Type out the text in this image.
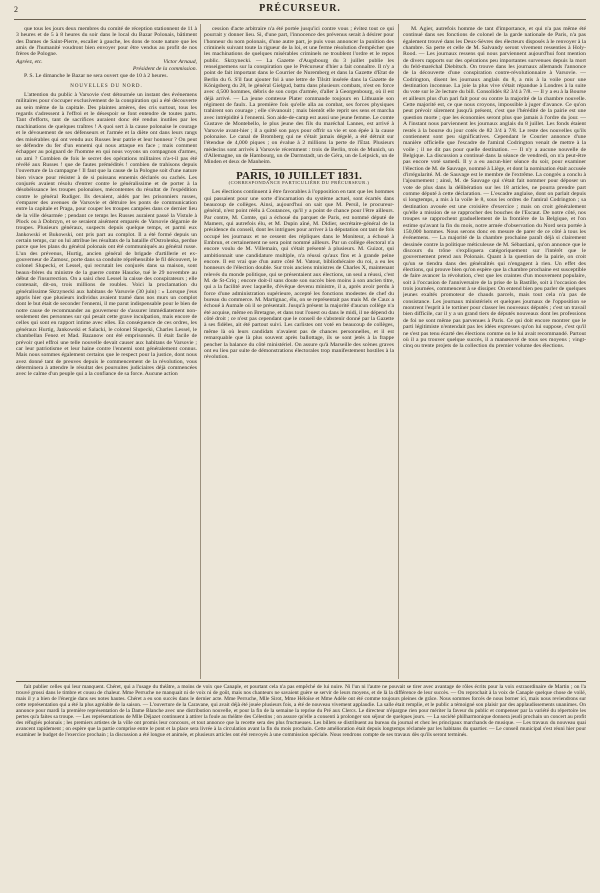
2	PRÉCURSEUR.

que tous les jours deux membres du comité de réception stationnent de 11 à 3 heures et de 5 à 8 heures du soir dans le local du Bazar Polonais, bâtiment des Dames de Saint-Pierre, escalier à gauche, les dons de toute nature que les amis de l'humanité voudront bien envoyer pour être vendus au profit de nos frères de Pologne.

Agréez, etc.	Victor Arnaud,

Président de la commission.

P. S. Le dimanche le Bazar ne sera ouvert que de 10 à 2 heures.

NOUVELLES DU NORD.

L'attention du public à Varsovie s'est détournée un instant des événemens militaires pour s'occuper exclusivement de la conspiration qui a été découverte au sein même de la capitale. Des plaintes amères, des cris surtout, tous les regards s'adressent à l'effroi et le désespoir se font entendre de toutes parts. Tant d'efforts, tant de sacrifices auraient donc été rendus inutiles par les machinations de quelques traîtres ! A quoi sert à la cause polonaise le courage et le dévouement de ses défenseurs et l'armée et la diète ont dans leurs rangs des misérables qui ont vendu aux Russes leur patrie et leur honneur ? On peut se défendre du fer d'un ennemi qui nous attaque en face ; mais comment échapper au poignard de l'homme en qui nous voyons un compagnon d'armes, un ami ? Combien de fois le secret des opérations militaires n'a-t-il pas été révélé aux Russes ! que de fautes prémédités ! combien de trahisons depuis l'ouverture de la campagne ! Il faut que la cause de la Pologne soit d'une nature bien vivace pour résister à de si puissans ennemis déclarés ou cachés. Les conjurés avaient résolu d'entrer contre le généralissime et de porter à la désobéissance les troupes polonaises, mécontentes du résultat de l'expédition contre le général Rudiger. Ils devaient, aidés par les prisonniers russes, s'emparer des avenues de Varsovie et détruire les ponts de communication entre la capitale et Praga, pour couper les troupes campées dans ce dernier lieu de la ville désarmée ; pendant ce temps les Russes auraient passé la Vistule à Plock ou à Dobrzyn, et se seraient aisément emparés de Varsovie dégarnie de troupes. Plusieurs généraux, suspects depuis quelque temps, et parmi eux Jankowski et Bukowski, ont pris part au complot. Il a été formé depuis un certain temps, car on lui attribue les résultats de la bataille d'Ostrolenka, perdue parce que les plans du général polonais ont été communiqués au général russe. L'un des prévenus, Hurtig, ancien général de brigade d'artillerie et ex-gouverneur de Zamosc, porte dans sa conduite répréhensible le fil découvert, le colonel Slupecki, et Lessel, qui recrutait les conjurés dans sa maison, sont beaux-frères du ministre de la guerre comte Haucke, tué le 29 novembre au début de l'insurrection. On a saisi chez Lessel la caisse des conspirateurs ; elle contenait, dit-on, trois millions de roubles. Voici la proclamation du généralissime Skrzynecki aux habitans de Varsovie (30 juin) : « Lorsque j'eus appris hier que plusieurs individus avaient tramé dans nos murs un complot dont le but était de seconder l'ennemi, il me parut indispensable pour le bien de notre cause de recommander au gouverneur de s'assurer immédiatement non-seulement des personnes sur qui pesait cette grave inculpation, mais encore de celles qui sont en rapport intime avec elles. En conséquence de ces ordres, les généraux Hurtig, Jankowski et Salacki, le colonel Slupecki, Charles Lessel, le chambellan Fenez et Mad. Bazanow ont été emprisonnés. Il était facile de prévoir quel effroi une telle nouvelle devait causer aux habitans de Varsovie ; car leur patriotisme et leur haine contre l'ennemi sont généralement connus. Mais nous sommes également certains que le respect pour la justice, dont nous avez donné tant de preuves depuis le commencement de la révolution, vous déterminera à attendre le résultat des poursuites judiciaires déjà commencées avec le calme d'un peuple qui a la confiance de sa force. Aucune action

cession d'acte arbitraire n'a été portée jusqu'ici contre vous ; évitez tout ce qui pourrait y donner lieu. Si, d'une part, l'innocence des prévenus serait à désirer pour l'honneur du nom polonais, d'une autre part, je puis vous annoncer la punition des criminels suivant toute la rigueur de la loi, et une ferme résolution d'empêcher que les machinations de quelques misérables criminels ne troublent l'ordre et le repos public. Skrzynecki. — La Gazette d'Augsbourg du 3 juillet publie les renseignemens sur la conspiration que le Précurseur d'hier a fait connaître. Il n'y a point de fait important dans le Courrier de Nuremberg et dans la Gazette d'Etat de Berlin du 6. S'il faut ajouter foi à une lettre de Tilsitt insérée dans la Gazette de Königsberg du 28, le général Gielgud, battu dans plusieurs combats, n'est en force avec 4,500 hommes, débris de son corps d'armée, d'aller à Georgenbourg, où il est déjà arrivé. — La jeune comtesse Plater commande toujours en Lithuanie son régiment de faulx. La première fois qu'elle alla au combat, ses forces physiques trahirent son courage ; elle s'évanouit ; mais bientôt elle reprit ses sens et marcha avec intrépidité à l'ennemi. Son aide-de-camp est aussi une jeune femme. Le comte Gustave de Montebello, le plus jeune des fils du maréchal Lannes, est arrivé à Varsovie avant-hier ; il a quitté son pays pour offrir sa vie et son épée à la cause polonaise. Le canal de Bromberg qui ne s'était jamais dégelé, a été détruit sur l'étendue de 4,000 piques ; on évalue à 2 millions la perte de l'Etat. Plusieurs médecins sont arrivés à Varsovie récemment : trois de Berlin, trois de Munich, un d'Allemagne, un de Hambourg, un de Darmstadt, un de Géra, un de Leipsick, un de Minden et deux de Manheim.

PARIS, 10 JUILLET 1831.
(CORRESPONDANCE PARTICULIÈRE DU PRÉCURSEUR.)

Les élections continuent à être favorables à l'opposition en tant que les hommes qui passaient pour une sorte d'incarnation du système actuel, sont écartés dans beaucoup de collèges. Ainsi, aujourd'hui on sait que M. Persil, le procureur-général, n'est point réélu à Coutances, qu'il y a point de chance pour l'être ailleurs. Par contre, M. Comte, qui a échoué du parquet de Paris, est nommé député de Mamers, qui autrefois élu, et M. Dupin aîné, M. Didier, secrétaire-général de la présidence du conseil, dont les intrigues pour arriver à la députation ont tant de fois occupé les journaux et ne cessent des répliques dans le Moniteur, a échoué à Embrun, et certainement ne sera point nommé ailleurs. Par un collège électoral n'a encore voulu de M. Villemain, qui s'était présenté à plusieurs. M. Guizot, qui ambitionnait une candidature multiple, n'a réussi qu'aux fins et à grande peine encore. Il est vrai que d'un autre côté M. Vatout, bibliothécaire du roi, a eu les honneurs de l'élection double. Sur trois anciens ministres de Charles X, maintenant relevés du monde politique, qui se présentaient aux élections, un seul a réussi, c'est M. de St-Criq ; encore doit-il sans doute son succès bien moins à son ancien titre, qui a la facilité avec laquelle, d'évêque devenu ministre, il a, après avoir perdu à force d'une administration supérieure, accepté les fonctions modestes de chef du bureau du commerce. M. Martignac, élu, on se représentait pas mais M. de Caux a échoué à Aumale où il se présentait. Jusqu'à présent la majorité d'aucun collège n'a été acquise, même en Bretagne, et dans tout l'ouest ou dans le midi, il ne dépend du côté droit ; ce n'est pas cependant que le conseil de s'abstenir donné par la Gazette à ses fidèles, ait été partout suivi. Les carlistes ont voté en beaucoup de collèges, même là où leurs candidats n'avaient pas de chances personnelles, et il est remarquable que là plus souvent après ballottage, ils se sont jetés à la frappe pencher la balance du côté ministériel. On assure qu'à Marseille des scènes graves ont eu lieu par suite de démonstrations électorales trop manifestement hostiles à la révolution.

M. Agier, autrefois homme de tant d'importance, et qui n'a pas même été continué dans ses fonctions de colonel de la garde nationale de Paris, n'a pas également trouvé dans les Deux-Sèvres des électeurs disposés à le renvoyer à la chambre. Sa perte et celle de M. Salvandy seront vivement ressenties à Holy-Rood. — Les journaux ressens qui nous parviennent aujourd'hui font mention de divers rapports sur des opérations peu importantes survenues depuis la mort du feld-maréchal Diebitsch. On trouve dans les journaux allemands l'annonce de la découverte d'une conspiration contre-révolutionnaire à Varsovie. — Codrington, disent les journaux anglais du 8, a mis à la voile pour une destination inconnue. La joie la plus vive s'était répandue à Londres à la suite du vote sur le 2e lecture du bill. Consolidés 82 3/4 à 7/8. — Il y a eu à la Bourse et ailleurs plus d'un pari fait pour ou contre la majorité de la chambre nouvelle. Cette majorité est, ce que nous croyons, impossible à juger d'avance. Ce qu'on peut prévoir sûrement jusqu'à présent, c'est que l'hérédité de la pairie est une question morte ; que les économies seront plus que jamais à l'ordre du jour. — A l'instant nous parviennent les journaux anglais du 8 juillet. Les fonds étaient restés à la bourse du jour cotés de 82 3/4 à 7/8. Le reste des nouvelles qu'ils contiennent sont peu significatives. Cependant le Courier annonce d'une manière officielle que l'escadre de l'amiral Codrington venait de mettre à la voile ; il ne dit pas pour quelle destination. — Il n'y a aucune nouvelle de Belgique. La discussion a continué dans la séance de vendredi, on n'a peut-être pas encore voté samedi. Il y a eu aucun-hier séance du soir, pour examiner l'élection de M. de Sauvage, nommé à Liège, et dont la nomination était accusée d'irrégularité. M. de Sauvage est le membre de l'extrême. La congrès a conclu à l'ajournement ; ainsi, M. de Sauvage qui s'était fait nommer pour déposer un vote de plus dans la délibération sur les 18 articles, ne pourra prendre part comme député à cette déclaration. — L'escadre anglaise, dont on parlait depuis si longtemps, a mis à la voile le 8, sous les ordres de l'amiral Codrington ; sa destination avouée est une croisière d'exercice ; mais on croit généralement qu'elle a mission de se rapprocher des bouches de l'Escaut. De notre côté, nos troupes se rapprochent graduellement de la frontière de la Belgique, et l'on estime qu'avant la fin du mois, notre armée d'observation du Nord sera portée à 150,000 hommes. Nous serons donc en mesure de parer de ce côté à tous les événemens. — La majorité de la chambre prochaine paraît déjà si clairement dessinée contre la politique méticuleuse de M. Sébastiani, qu'on annonce que le discours du trône s'expliquera catégoriquement sur l'intérêt que le gouvernement prend aux Polonais. Quant à la question de la pairie, on croit qu'un se tiendra dans des généralités qui n'engagent à rien. Un effet des élections, qui prouve bien qu'on espère que la chambre prochaine est susceptible de faire avancer la révolution, c'est que les craintes d'un mouvement populaire, soit à l'occasion de l'anniversaire de la prise de la Bastille, soit à l'occasion des trois journées, commencent à se dissiper. On entend bien peu parler de quelques jeunes exaltés promoteur de chauds parcels, mais tout cela n'a pas de consistance. Les journaux ministériels et quelques journaux de l'opposition se montrent l'esprit à le tortiner pour classer les nouveaux députés ; c'est un travail bien difficile, car il y a un grand tiers de députés nouveaux dont les professions de foi ne sont même pas parvenues à Paris. Ce qui doit encore montrer que le parti légitimiste n'entendait pas les idées expresses qu'on lui suppose, c'est qu'il ne s'est pas tenu écarté des élections comme on le lui avait recommandé. Partout où il a pu trouver quelque succès, il a manœuvré de tous ses moyens ; vingt-cinq ou trente projets de la collection du premier volume des élections.

fait publier celles qui leur manquent. Chéret, qui a l'usage du théâtre, a moins de voix que Canaple, et pourtant cela n'a pas empêché de lui nuire. Ni l'un ni l'autre ne pouvait se tirer avec avantage de rôles écrits pour la voix extraordinaire de Martin ; on l'a trouvé grossi dans le timbre et cousu de chaleur. Mme Perruche ne manquait ni de voix ni de goût, mais nos chanteurs ne savaient guère se servir de leurs moyens, et de là la différence de leur succès. — On reprochait à la voix de Canaple quelque chose de voilé, mais il y a bien de l'énergie dans ses notes hautes. Chéret a eu son succès dans le dernier acte. Mme Perruche, Mlle Sirot, Mme Héloïse et Mme Adèle ont été comme toujours pleines de grâce. Nous sommes forcés de nous borner ici, mais nous reviendrons sur cette représentation qui a été la plus agréable de la saison. — L'ouverture de la Caravane, qui avait déjà été jouée plusieurs fois, a été de nouveau vivement applaudie. La salle était remplie, et le public a témoigné son plaisir par des applaudissements unanimes. On annonce pour mardi la première représentation de la Dame Blanche avec une distribution nouvelle, et pour la fin de la semaine la reprise du Pré aux Clercs. Le directeur n'épargne rien pour mériter la faveur du public et compenser par la variété du répertoire les pertes qu'a faites sa troupe. — Les représentations de Mlle Déjazet continuent à attirer la foule au théâtre des Célestins ; on assure qu'elle a consenti à prolonger son séjour de quelques jours. — La société philharmonique donnera jeudi prochain un concert au profit des réfugiés polonais ; les premiers artistes de la ville ont promis leur concours, et tout annonce que la recette sera des plus fructueuses. Les billets se distribuent au bureau du journal et chez les principaux marchands de musique. — Les travaux du nouveau quai avancent rapidement ; on espère que la partie comprise entre le pont et la place sera livrée à la circulation avant la fin du mois prochain. Cette amélioration était depuis longtemps réclamée par les habitans du quartier. — Le conseil municipal s'est réuni hier pour examiner le budget de l'exercice prochain ; la discussion a été longue et animée, et plusieurs articles ont été renvoyés à une commission spéciale. Nous rendrons compte de ses travaux dès qu'ils seront terminés.
